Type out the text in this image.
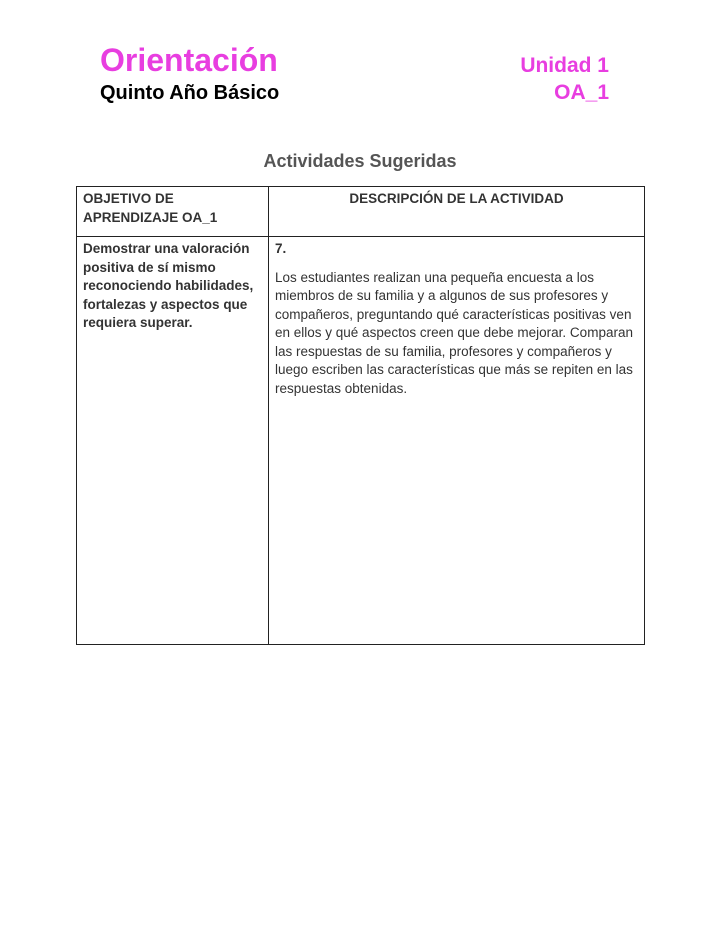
Orientación
Quinto Año Básico
Unidad 1
OA_1
Actividades Sugeridas
OBJETIVO DE APRENDIZAJE OA_1	DESCRIPCIÓN DE LA ACTIVIDAD
Demostrar una valoración positiva de sí mismo reconociendo habilidades, fortalezas y aspectos que requiera superar.	7.
Los estudiantes realizan una pequeña encuesta a los miembros de su familia y a algunos de sus profesores y compañeros, preguntando qué características positivas ven en ellos y qué aspectos creen que debe mejorar. Comparan las respuestas de su familia, profesores y compañeros y luego escriben las características que más se repiten en las respuestas obtenidas.
